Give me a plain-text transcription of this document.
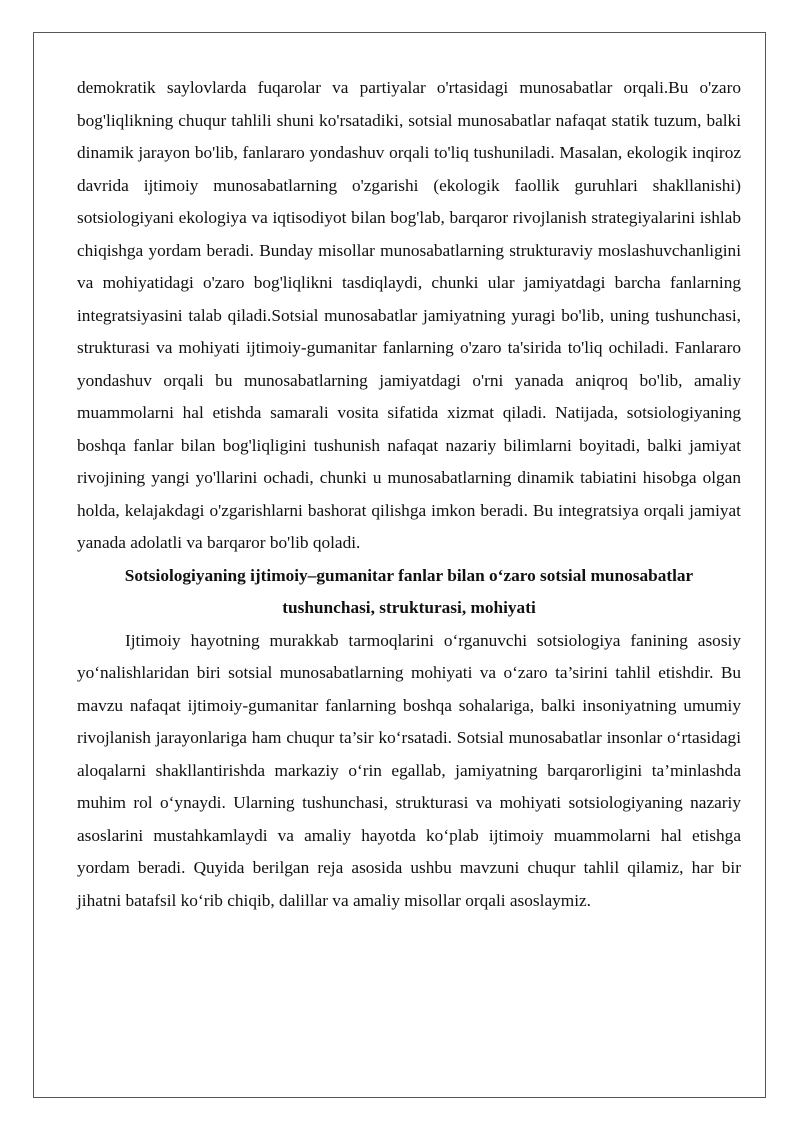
demokratik saylovlarda fuqarolar va partiyalar o'rtasidagi munosabatlar orqali.Bu o'zaro bog'liqlikning chuqur tahlili shuni ko'rsatadiki, sotsial munosabatlar nafaqat statik tuzum, balki dinamik jarayon bo'lib, fanlararo yondashuv orqali to'liq tushuniladi. Masalan, ekologik inqiroz davrida ijtimoiy munosabatlarning o'zgarishi (ekologik faollik guruhlari shakllanishi) sotsiologiyani ekologiya va iqtisodiyot bilan bog'lab, barqaror rivojlanish strategiyalarini ishlab chiqishga yordam beradi. Bunday misollar munosabatlarning strukturaviy moslashuvchanligini va mohiyatidagi o'zaro bog'liqlikni tasdiqlaydi, chunki ular jamiyatdagi barcha fanlarning integratsiyasini talab qiladi.Sotsial munosabatlar jamiyatning yuragi bo'lib, uning tushunchasi, strukturasi va mohiyati ijtimoiy-gumanitar fanlarning o'zaro ta'sirida to'liq ochiladi. Fanlararo yondashuv orqali bu munosabatlarning jamiyatdagi o'rni yanada aniqroq bo'lib, amaliy muammolarni hal etishda samarali vosita sifatida xizmat qiladi. Natijada, sotsiologiyaning boshqa fanlar bilan bog'liqligini tushunish nafaqat nazariy bilimlarni boyitadi, balki jamiyat rivojining yangi yo'llarini ochadi, chunki u munosabatlarning dinamik tabiatini hisobga olgan holda, kelajakdagi o'zgarishlarni bashorat qilishga imkon beradi. Bu integratsiya orqali jamiyat yanada adolatli va barqaror bo'lib qoladi.

Sotsiologiyaning ijtimoiy–gumanitar fanlar bilan o‘zaro sotsial munosabatlar tushunchasi, strukturasi, mohiyati

Ijtimoiy hayotning murakkab tarmoqlarini o‘rganuvchi sotsiologiya fanining asosiy yo‘nalishlaridan biri sotsial munosabatlarning mohiyati va o‘zaro ta’sirini tahlil etishdir. Bu mavzu nafaqat ijtimoiy-gumanitar fanlarning boshqa sohalariga, balki insoniyatning umumiy rivojlanish jarayonlariga ham chuqur ta’sir ko‘rsatadi. Sotsial munosabatlar insonlar o‘rtasidagi aloqalarni shakllantirishda markaziy o‘rin egallab, jamiyatning barqarorligini ta’minlashda muhim rol o‘ynaydi. Ularning tushunchasi, strukturasi va mohiyati sotsiologiyaning nazariy asoslarini mustahkamlaydi va amaliy hayotda ko‘plab ijtimoiy muammolarni hal etishga yordam beradi. Quyida berilgan reja asosida ushbu mavzuni chuqur tahlil qilamiz, har bir jihatni batafsil ko‘rib chiqib, dalillar va amaliy misollar orqali asoslaymiz.
